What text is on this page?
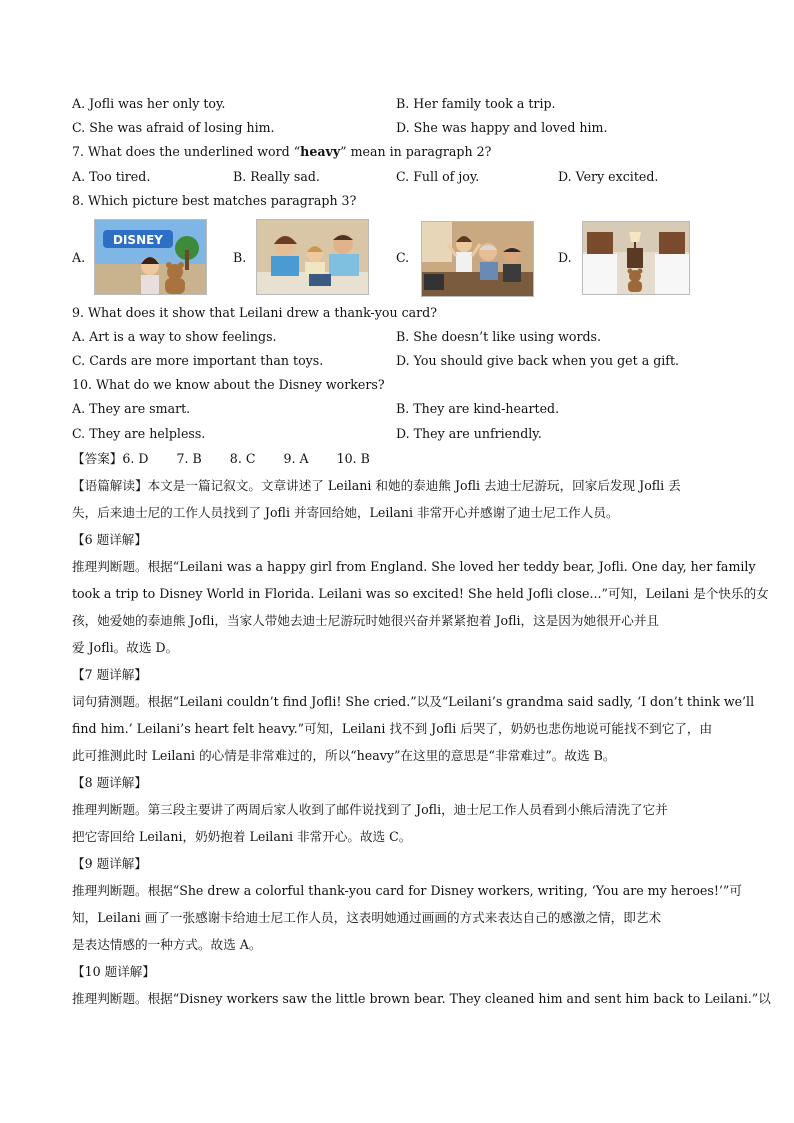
A. Jofli was her only toy.	B. Her family took a trip.
C. She was afraid of losing him.	D. She was happy and loved him.
7. What does the underlined word “heavy” mean in paragraph 2?
A. Too tired.	B. Really sad.	C. Full of joy.	D. Very excited.
8. Which picture best matches paragraph 3?
A.
DISNEY
B.	C.	D.
9. What does it show that Leilani drew a thank-you card?
A. Art is a way to show feelings.	B. She doesn’t like using words.
C. Cards are more important than toys.	D. You should give back when you get a gift.
10. What do we know about the Disney workers?
A. They are smart.	B. They are kind-hearted.
C. They are helpless.	D. They are unfriendly.
【答案】6. D       7. B       8. C       9. A       10. B
【语篇解读】本文是一篇记叙文。文章讲述了 Leilani 和她的泰迪熊 Jofli 去迪士尼游玩，回家后发现 Jofli 丢
失，后来迪士尼的工作人员找到了 Jofli 并寄回给她，Leilani 非常开心并感谢了迪士尼工作人员。
【6 题详解】
推理判断题。根据“Leilani was a happy girl from England. She loved her teddy bear, Jofli. One day, her family
took a trip to Disney World in Florida. Leilani was so excited! She held Jofli close...”可知，Leilani 是个快乐的女
孩，她爱她的泰迪熊 Jofli，当家人带她去迪士尼游玩时她很兴奋并紧紧抱着 Jofli，这是因为她很开心并且
爱 Jofli。故选 D。
【7 题详解】
词句猜测题。根据“Leilani couldn’t find Jofli! She cried.”以及“Leilani’s grandma said sadly, ‘I don’t think we’ll
find him.’ Leilani’s heart felt heavy.”可知，Leilani 找不到 Jofli 后哭了，奶奶也悲伤地说可能找不到它了，由
此可推测此时 Leilani 的心情是非常难过的，所以“heavy”在这里的意思是“非常难过”。故选 B。
【8 题详解】
推理判断题。第三段主要讲了两周后家人收到了邮件说找到了 Jofli，迪士尼工作人员看到小熊后清洗了它并
把它寄回给 Leilani，奶奶抱着 Leilani 非常开心。故选 C。
【9 题详解】
推理判断题。根据“She drew a colorful thank-you card for Disney workers, writing, ‘You are my heroes!’”可
知，Leilani 画了一张感谢卡给迪士尼工作人员，这表明她通过画画的方式来表达自己的感激之情，即艺术
是表达情感的一种方式。故选 A。
【10 题详解】
推理判断题。根据“Disney workers saw the little brown bear. They cleaned him and sent him back to Leilani.”以
